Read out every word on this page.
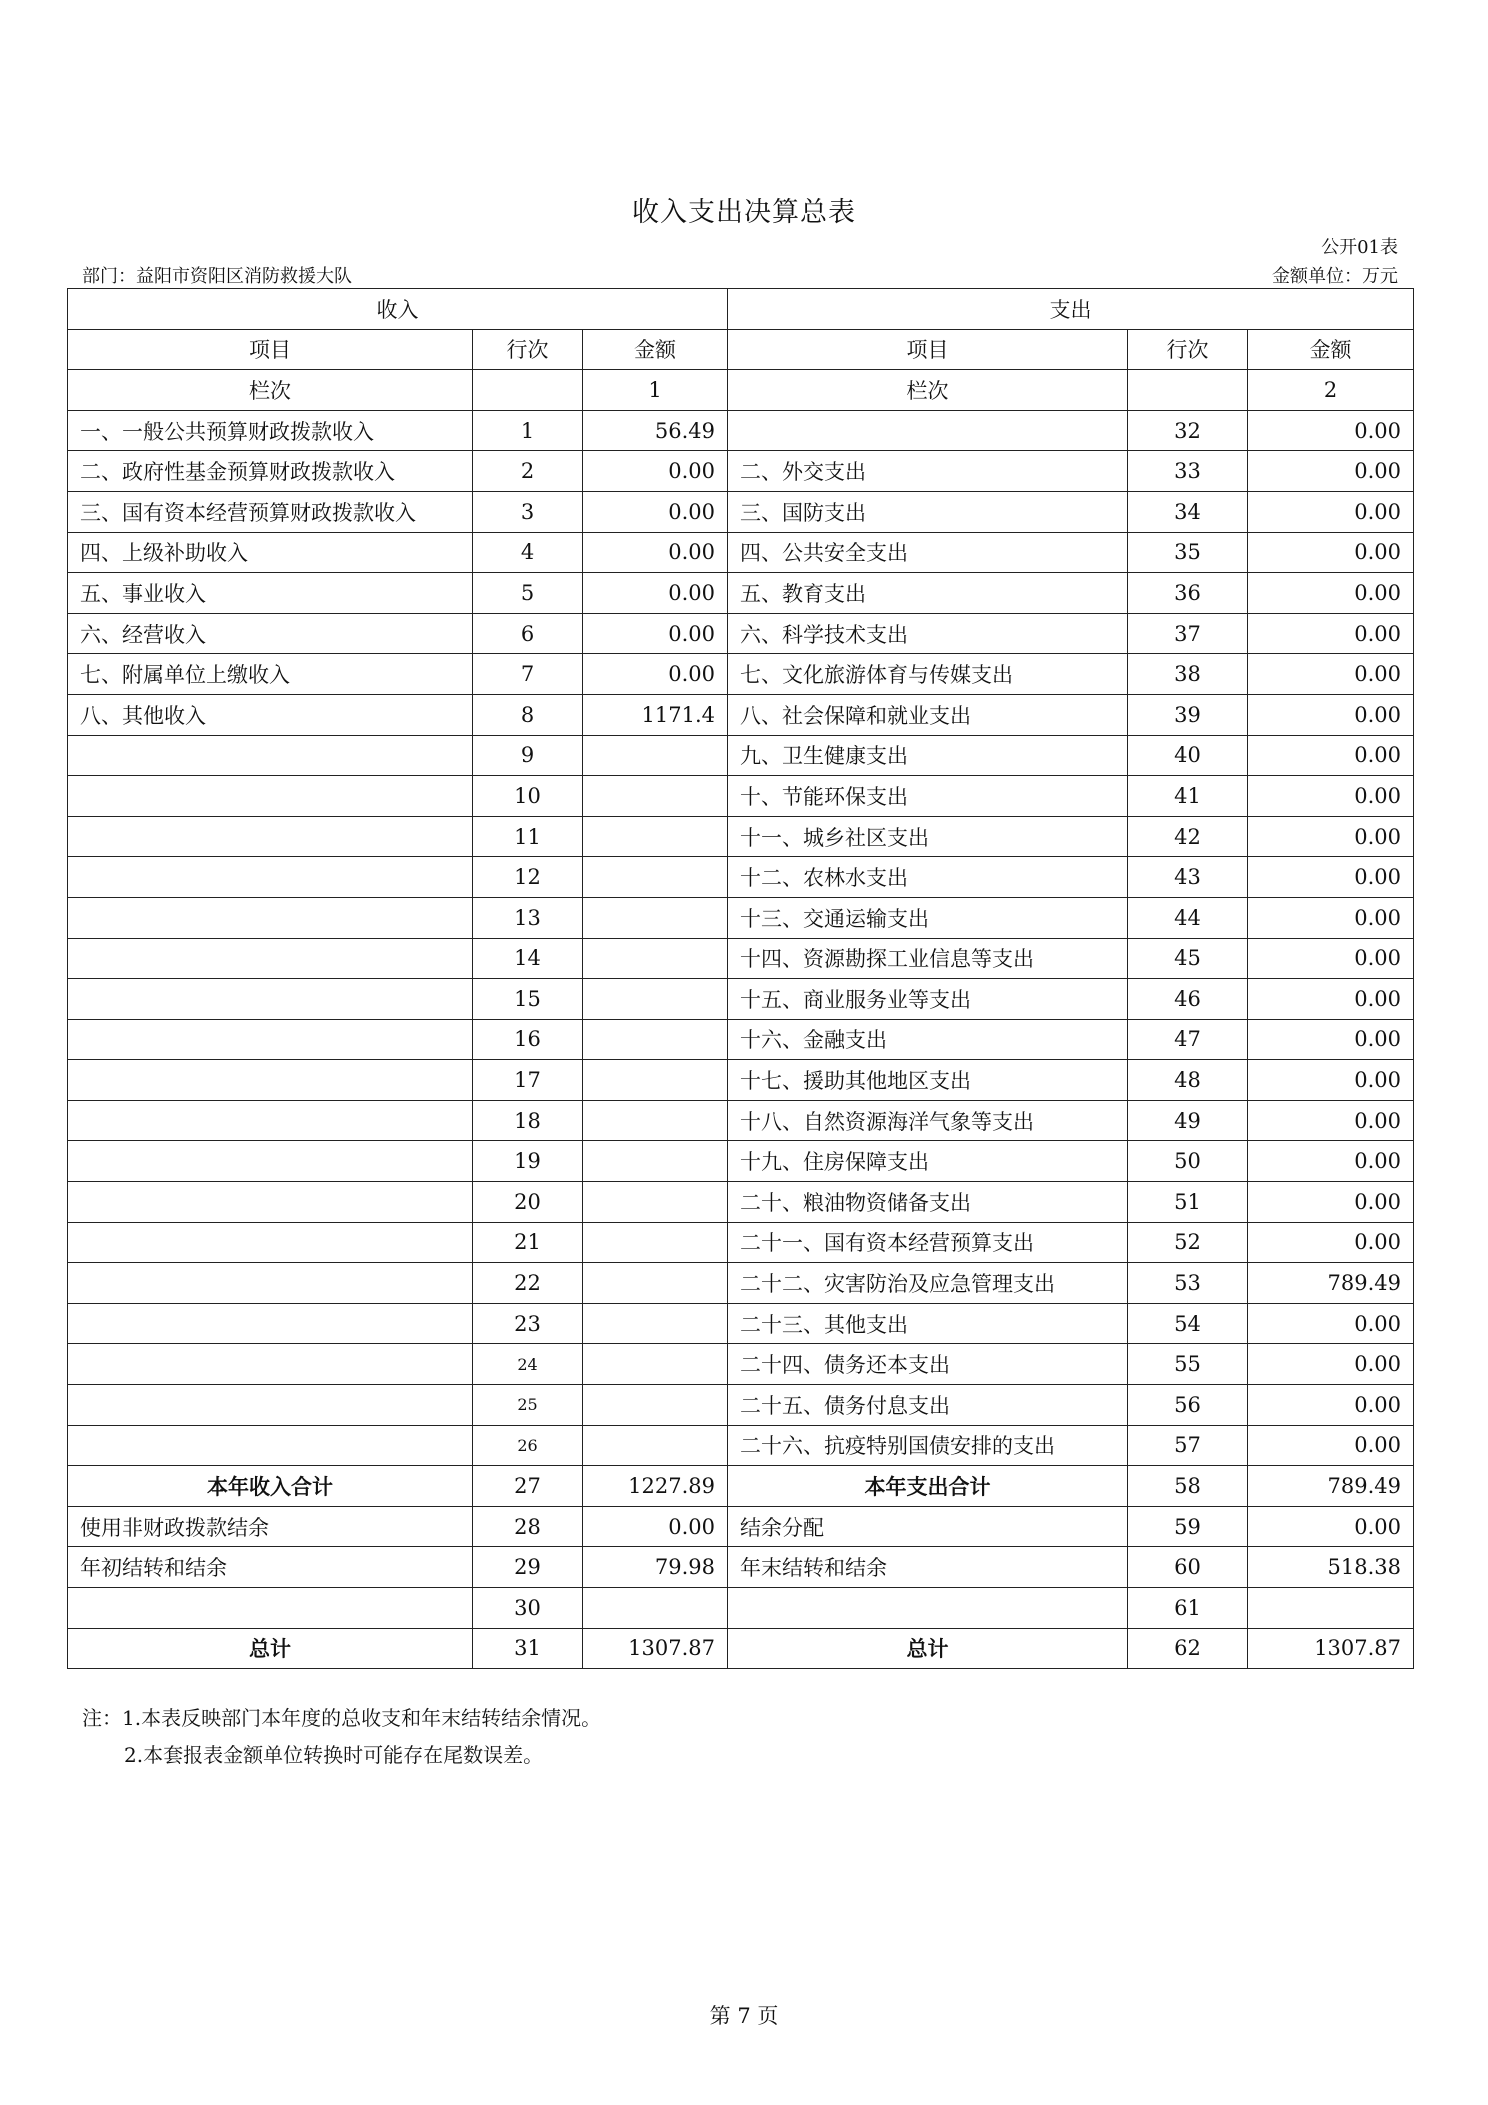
收入支出决算总表
公开01表
部门：益阳市资阳区消防救援大队	金额单位：万元
收入			支出		
项目	行次	金额	项目	行次	金额
栏次		1	栏次		2
一、一般公共预算财政拨款收入	1	56.49		32	0.00
二、政府性基金预算财政拨款收入	2	0.00	二、外交支出	33	0.00
三、国有资本经营预算财政拨款收入	3	0.00	三、国防支出	34	0.00
四、上级补助收入	4	0.00	四、公共安全支出	35	0.00
五、事业收入	5	0.00	五、教育支出	36	0.00
六、经营收入	6	0.00	六、科学技术支出	37	0.00
七、附属单位上缴收入	7	0.00	七、文化旅游体育与传媒支出	38	0.00
八、其他收入	8	1171.4	八、社会保障和就业支出	39	0.00
	9		九、卫生健康支出	40	0.00
	10		十、节能环保支出	41	0.00
	11		十一、城乡社区支出	42	0.00
	12		十二、农林水支出	43	0.00
	13		十三、交通运输支出	44	0.00
	14		十四、资源勘探工业信息等支出	45	0.00
	15		十五、商业服务业等支出	46	0.00
	16		十六、金融支出	47	0.00
	17		十七、援助其他地区支出	48	0.00
	18		十八、自然资源海洋气象等支出	49	0.00
	19		十九、住房保障支出	50	0.00
	20		二十、粮油物资储备支出	51	0.00
	21		二十一、国有资本经营预算支出	52	0.00
	22		二十二、灾害防治及应急管理支出	53	789.49
	23		二十三、其他支出	54	0.00
	24		二十四、债务还本支出	55	0.00
	25		二十五、债务付息支出	56	0.00
	26		二十六、抗疫特别国债安排的支出	57	0.00
本年收入合计	27	1227.89	本年支出合计	58	789.49
使用非财政拨款结余	28	0.00	结余分配	59	0.00
年初结转和结余	29	79.98	年末结转和结余	60	518.38
	30			61	
总计	31	1307.87	总计	62	1307.87
注：1.本表反映部门本年度的总收支和年末结转结余情况。
2.本套报表金额单位转换时可能存在尾数误差。
第 7 页
